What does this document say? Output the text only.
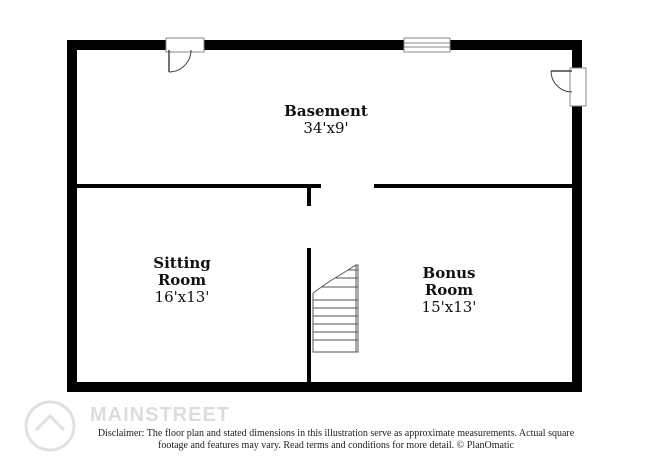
Basement
34'x9'
Sitting
Room
16'x13'
Bonus
Room
15'x13'
MAINSTREET
Disclaimer: The floor plan and stated dimensions in this illustration serve as approximate measurements. Actual square footage and features may vary. Read terms and conditions for more detail. © PlanOmatic
